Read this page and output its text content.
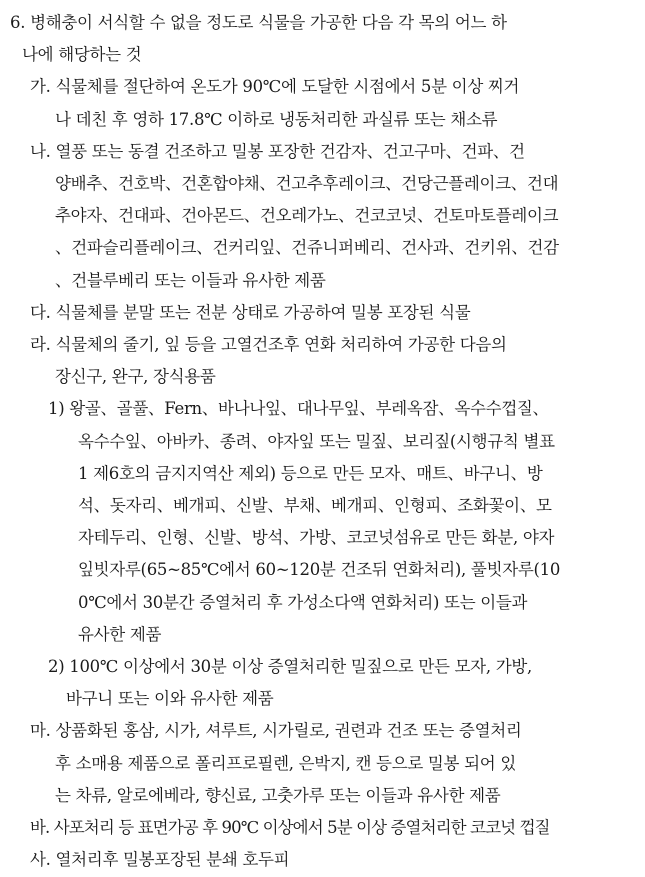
6. 병해충이 서식할 수 없을 정도로 식물을 가공한 다음 각 목의 어느 하
나에 해당하는 것
가. 식물체를 절단하여 온도가 90℃에 도달한 시점에서 5분 이상 찌거
나 데친 후 영하 17.8℃ 이하로 냉동처리한 과실류 또는 채소류
나. 열풍 또는 동결 건조하고 밀봉 포장한 건감자、건고구마、건파、건
양배추、건호박、건혼합야채、건고추후레이크、건당근플레이크、건대
추야자、건대파、건아몬드、건오레가노、건코코넛、건토마토플레이크
、건파슬리플레이크、건커리잎、건쥬니퍼베리、건사과、건키위、건감
、건블루베리 또는 이들과 유사한 제품
다. 식물체를 분말 또는 전분 상태로 가공하여 밀봉 포장된 식물
라. 식물체의 줄기, 잎 등을 고열건조후 연화 처리하여 가공한 다음의
장신구, 완구, 장식용품
1) 왕골、골풀、Fern、바나나잎、대나무잎、부레옥잠、옥수수껍질、
옥수수잎、아바카、종려、야자잎 또는 밀짚、보리짚(시행규칙 별표
1 제6호의 금지지역산 제외) 등으로 만든 모자、매트、바구니、방
석、돗자리、베개피、신발、부채、베개피、인형피、조화꽃이、모
자테두리、인형、신발、방석、가방、코코넛섬유로 만든 화분, 야자
잎빗자루(65~85℃에서 60~120분 건조뒤 연화처리), 풀빗자루(10
0℃에서 30분간 증열처리 후 가성소다액 연화처리) 또는 이들과
유사한 제품
2) 100℃ 이상에서 30분 이상 증열처리한 밀짚으로 만든 모자, 가방,
바구니 또는 이와 유사한 제품
마. 상품화된 홍삼, 시가, 셔루트, 시가릴로, 권련과 건조 또는 증열처리
후 소매용 제품으로 폴리프로필렌, 은박지, 캔 등으로 밀봉 되어 있
는 차류, 알로에베라, 향신료, 고춧가루 또는 이들과 유사한 제품
바. 사포처리 등 표면가공 후 90℃ 이상에서 5분 이상 증열처리한 코코넛 껍질
사. 열처리후 밀봉포장된 분쇄 호두피
